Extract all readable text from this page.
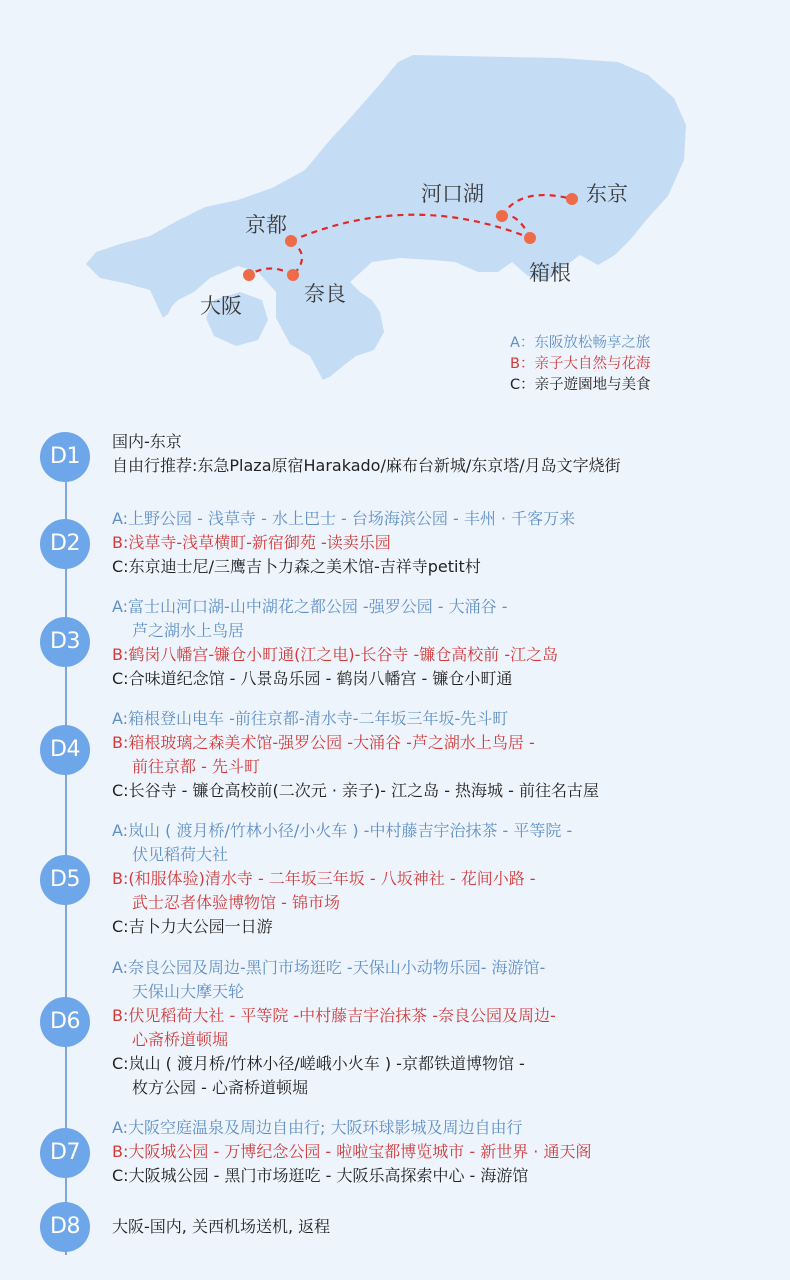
东京
河口湖
京都
箱根
奈良
大阪
A：东阪放松畅享之旅
B：亲子大自然与花海
C：亲子遊園地与美食
D1
国内-东京
自由行推荐:东急Plaza原宿Harakado/麻布台新城/东京塔/月岛文字烧街
D2
A:上野公园 - 浅草寺 - 水上巴士 - 台场海滨公园 - 丰州 · 千客万来
B:浅草寺-浅草横町-新宿御苑 -读卖乐园
C:东京迪士尼/三鹰吉卜力森之美术馆-吉祥寺petit村
D3
A:富士山河口湖-山中湖花之都公园 -强罗公园 - 大涌谷 -
芦之湖水上鸟居
B:鹤岗八幡宫-镰仓小町通(江之电)-长谷寺 -镰仓高校前 -江之岛
C:合味道纪念馆 - 八景岛乐园 - 鹤岗八幡宫 - 镰仓小町通
D4
A:箱根登山电车 -前往京都-清水寺-二年坂三年坂-先斗町
B:箱根玻璃之森美术馆-强罗公园 -大涌谷 -芦之湖水上鸟居 -
前往京都 - 先斗町
C:长谷寺 - 镰仓高校前(二次元 · 亲子)- 江之岛 - 热海城 - 前往名古屋
D5
A:岚山 ( 渡月桥/竹林小径/小火车 ) -中村藤吉宇治抹茶 - 平等院 -
伏见稻荷大社
B:(和服体验)清水寺 - 二年坂三年坂 - 八坂神社 - 花间小路 -
武士忍者体验博物馆 - 锦市场
C:吉卜力大公园一日游
D6
A:奈良公园及周边-黑门市场逛吃 -天保山小动物乐园- 海游馆-
天保山大摩天轮
B:伏见稻荷大社 - 平等院 -中村藤吉宇治抹茶 -奈良公园及周边-
心斋桥道顿堀
C:岚山 ( 渡月桥/竹林小径/嵯峨小火车 ) -京都铁道博物馆 -
枚方公园 - 心斋桥道顿堀
D7
A:大阪空庭温泉及周边自由行; 大阪环球影城及周边自由行
B:大阪城公园 - 万博纪念公园 - 啦啦宝都博览城市 - 新世界 · 通天阁
C:大阪城公园 - 黑门市场逛吃 - 大阪乐高探索中心 - 海游馆
D8	大阪-国内, 关西机场送机, 返程
